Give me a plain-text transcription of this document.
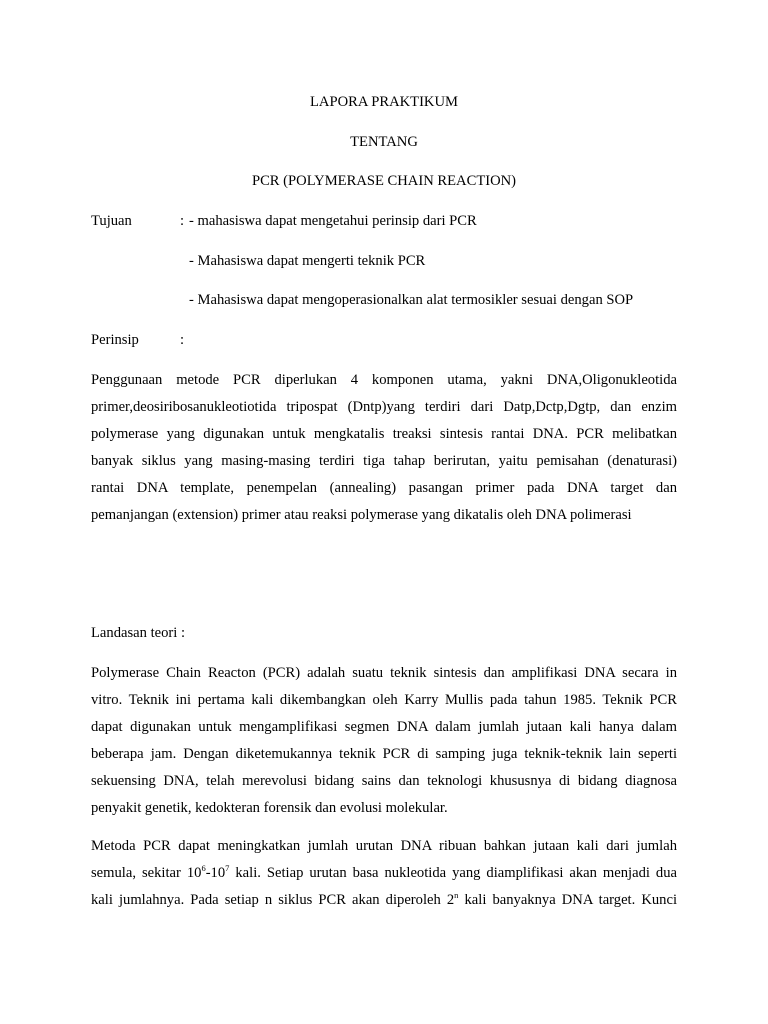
LAPORA PRAKTIKUM
TENTANG
PCR (POLYMERASE CHAIN REACTION)
Tujuan	: - mahasiswa dapat mengetahui perinsip dari PCR
- Mahasiswa dapat mengerti teknik PCR
- Mahasiswa dapat mengoperasionalkan alat termosikler sesuai dengan SOP
Perinsip	:
Penggunaan metode PCR diperlukan 4 komponen utama, yakni DNA,Oligonukleotida
primer,deosiribosanukleotiotida tripospat (Dntp)yang terdiri dari Datp,Dctp,Dgtp, dan enzim
polymerase yang digunakan untuk mengkatalis treaksi sintesis rantai DNA. PCR melibatkan
banyak siklus yang masing-masing terdiri tiga tahap berirutan, yaitu pemisahan (denaturasi)
rantai DNA template, penempelan (annealing) pasangan primer pada DNA target dan
pemanjangan (extension) primer atau reaksi polymerase yang dikatalis oleh DNA polimerasi
Landasan teori :
Polymerase Chain Reacton (PCR) adalah suatu teknik sintesis dan amplifikasi DNA secara in
vitro. Teknik ini pertama kali dikembangkan oleh Karry Mullis pada tahun 1985. Teknik PCR
dapat digunakan untuk mengamplifikasi segmen DNA dalam jumlah jutaan kali hanya dalam
beberapa jam. Dengan diketemukannya teknik PCR di samping juga teknik-teknik lain seperti
sekuensing DNA, telah merevolusi bidang sains dan teknologi khususnya di bidang diagnosa
penyakit genetik, kedokteran forensik dan evolusi molekular.
Metoda PCR dapat meningkatkan jumlah urutan DNA ribuan bahkan jutaan kali dari jumlah
semula, sekitar $10^6-10^7$ kali. Setiap urutan basa nukleotida yang diamplifikasi akan menjadi dua
kali jumlahnya. Pada setiap n siklus PCR akan diperoleh 2$^n$ kali banyaknya DNA target. Kunci
